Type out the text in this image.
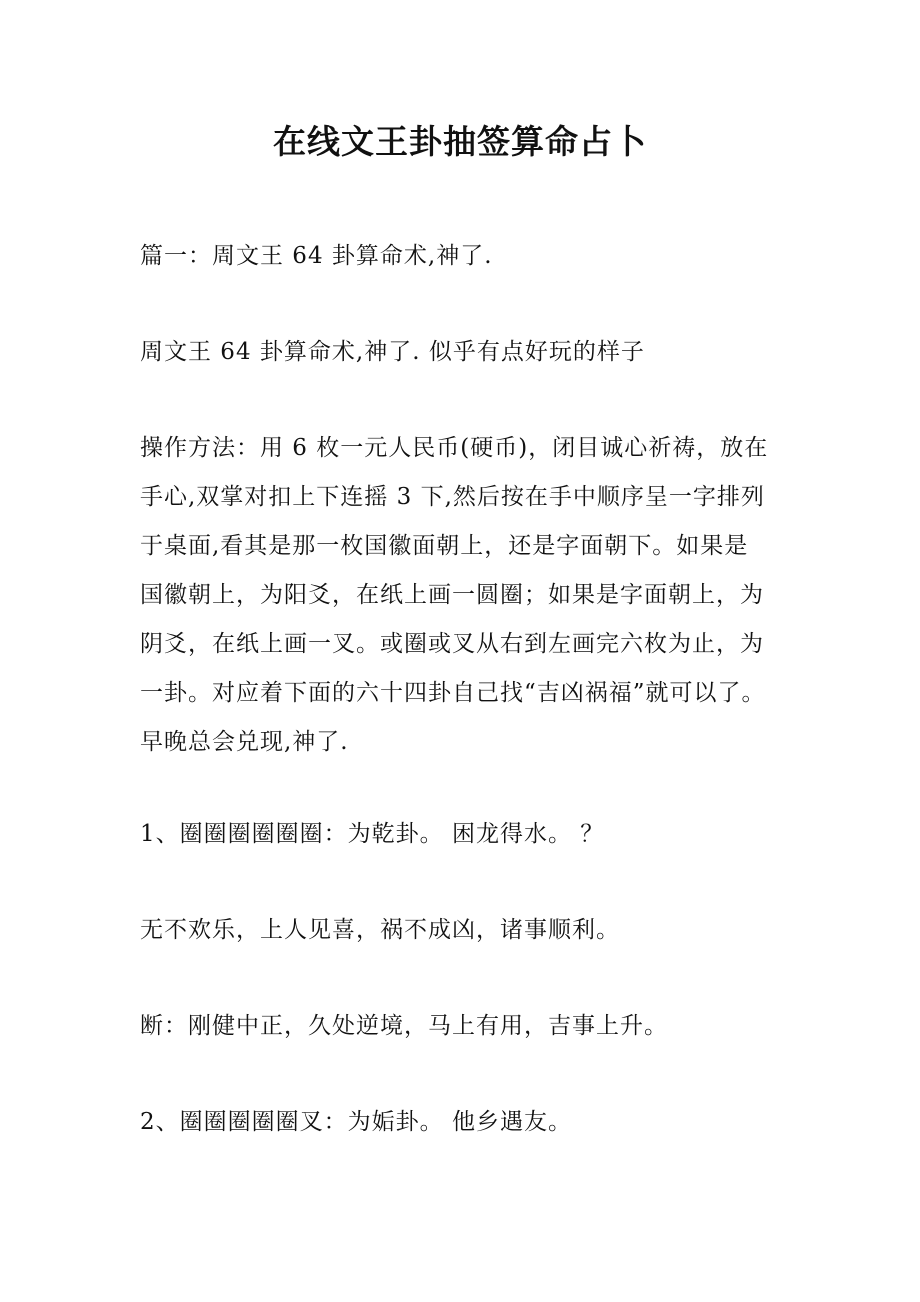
在线文王卦抽签算命占卜
篇一：周文王 64 卦算命术,神了.
周文王 64 卦算命术,神了. 似乎有点好玩的样子
操作方法：用 6 枚一元人民币(硬币)，闭目诚心祈祷，放在
手心,双掌对扣上下连摇 3 下,然后按在手中顺序呈一字排列
于桌面,看其是那一枚国徽面朝上，还是字面朝下。如果是
国徽朝上，为阳爻，在纸上画一圆圈；如果是字面朝上，为
阴爻，在纸上画一叉。或圈或叉从右到左画完六枚为止，为
一卦。对应着下面的六十四卦自己找“吉凶祸福”就可以了。
早晚总会兑现,神了.
1、圈圈圈圈圈圈：为乾卦。 困龙得水。 ？
无不欢乐，上人见喜，祸不成凶，诸事顺利。
断：刚健中正，久处逆境，马上有用，吉事上升。
2、圈圈圈圈圈叉：为姤卦。 他乡遇友。
